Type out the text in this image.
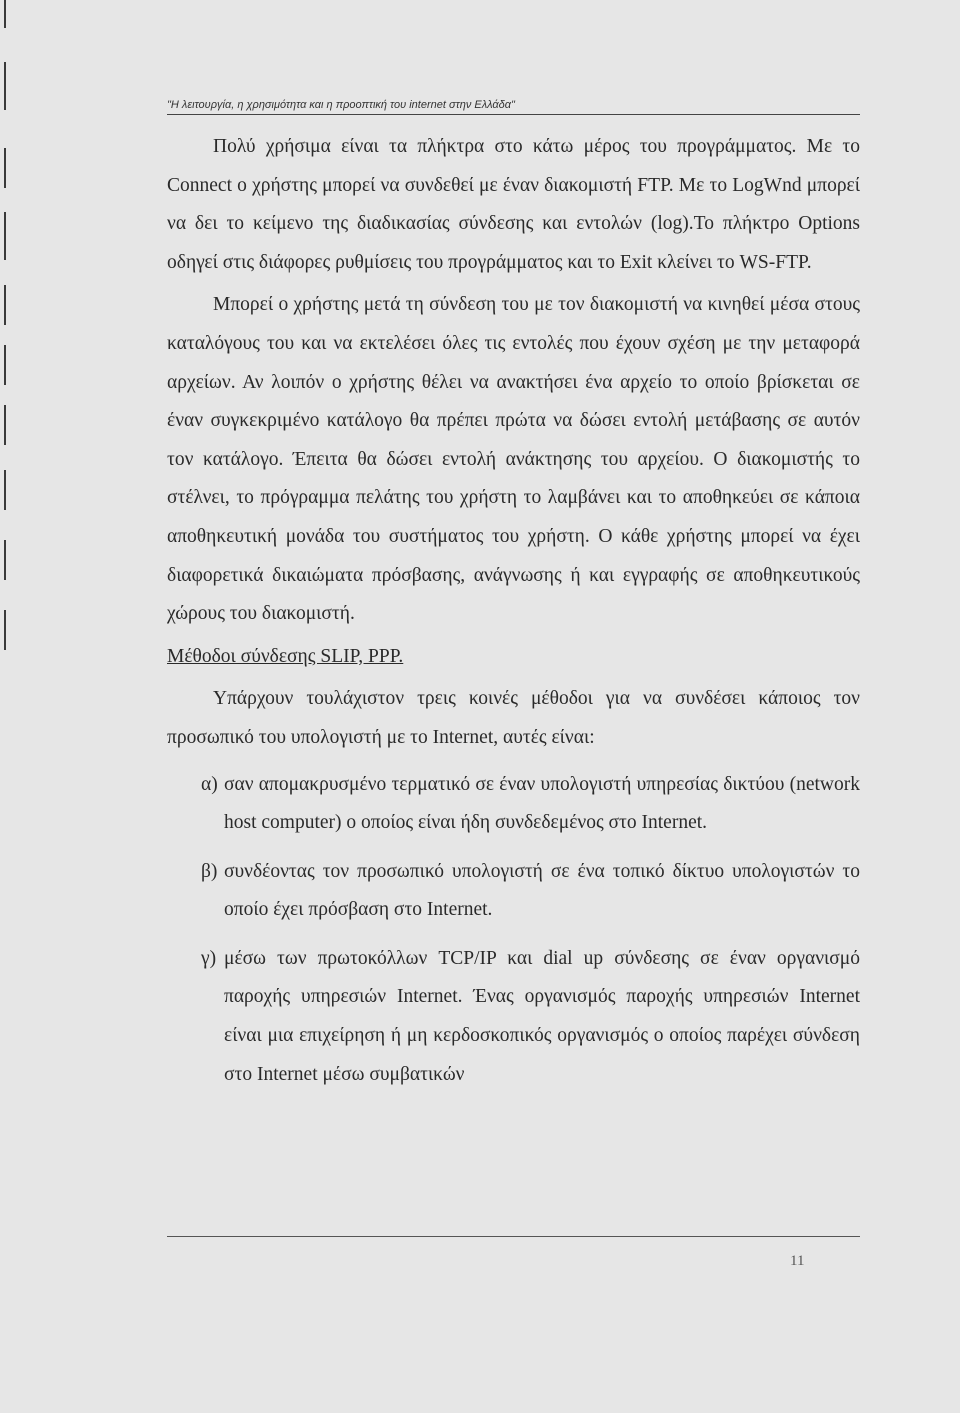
"Η λειτουργία, η χρησιμότητα και η προοπτική του internet στην Ελλάδα"

Πολύ χρήσιμα είναι τα πλήκτρα στο κάτω μέρος του προγράμματος. Με το Connect ο χρήστης μπορεί να συνδεθεί με έναν διακομιστή FTP. Με το LogWnd μπορεί να δει το κείμενο της διαδικασίας σύνδεσης και εντολών (log).Το πλήκτρο Options οδηγεί στις διάφορες ρυθμίσεις του προγράμματος και το Exit κλείνει το WS-FTP.

Μπορεί ο χρήστης μετά τη σύνδεση του με τον διακομιστή να κινηθεί μέσα στους καταλόγους του και να εκτελέσει όλες τις εντολές που έχουν σχέση με την μεταφορά αρχείων. Αν λοιπόν ο χρήστης θέλει να ανακτήσει ένα αρχείο το οποίο βρίσκεται σε έναν συγκεκριμένο κατάλογο θα πρέπει πρώτα να δώσει εντολή μετάβασης σε αυτόν τον κατάλογο. Έπειτα θα δώσει εντολή ανάκτησης του αρχείου. Ο διακομιστής το στέλνει, το πρόγραμμα πελάτης του χρήστη το λαμβάνει και το αποθηκεύει σε κάποια αποθηκευτική μονάδα του συστήματος του χρήστη. Ο κάθε χρήστης μπορεί να έχει διαφορετικά δικαιώματα πρόσβασης, ανάγνωσης ή και εγγραφής σε αποθηκευτικούς χώρους του διακομιστή.

Μέθοδοι σύνδεσης SLIP, PPP.

Υπάρχουν τουλάχιστον τρεις κοινές μέθοδοι για να συνδέσει κάποιος τον προσωπικό του υπολογιστή με το Internet, αυτές είναι:

α) σαν απομακρυσμένο τερματικό σε έναν υπολογιστή υπηρεσίας δικτύου (network host computer) ο οποίος είναι ήδη συνδεδεμένος στο Internet.
β) συνδέοντας τον προσωπικό υπολογιστή σε ένα τοπικό δίκτυο υπολογιστών το οποίο έχει πρόσβαση στο Internet.
γ) μέσω των πρωτοκόλλων TCP/IP και dial up σύνδεσης σε έναν οργανισμό παροχής υπηρεσιών Internet. Ένας οργανισμός παροχής υπηρεσιών Internet είναι μια επιχείρηση ή μη κερδοσκοπικός οργανισμός ο οποίος παρέχει σύνδεση στο Internet μέσω συμβατικών
11
